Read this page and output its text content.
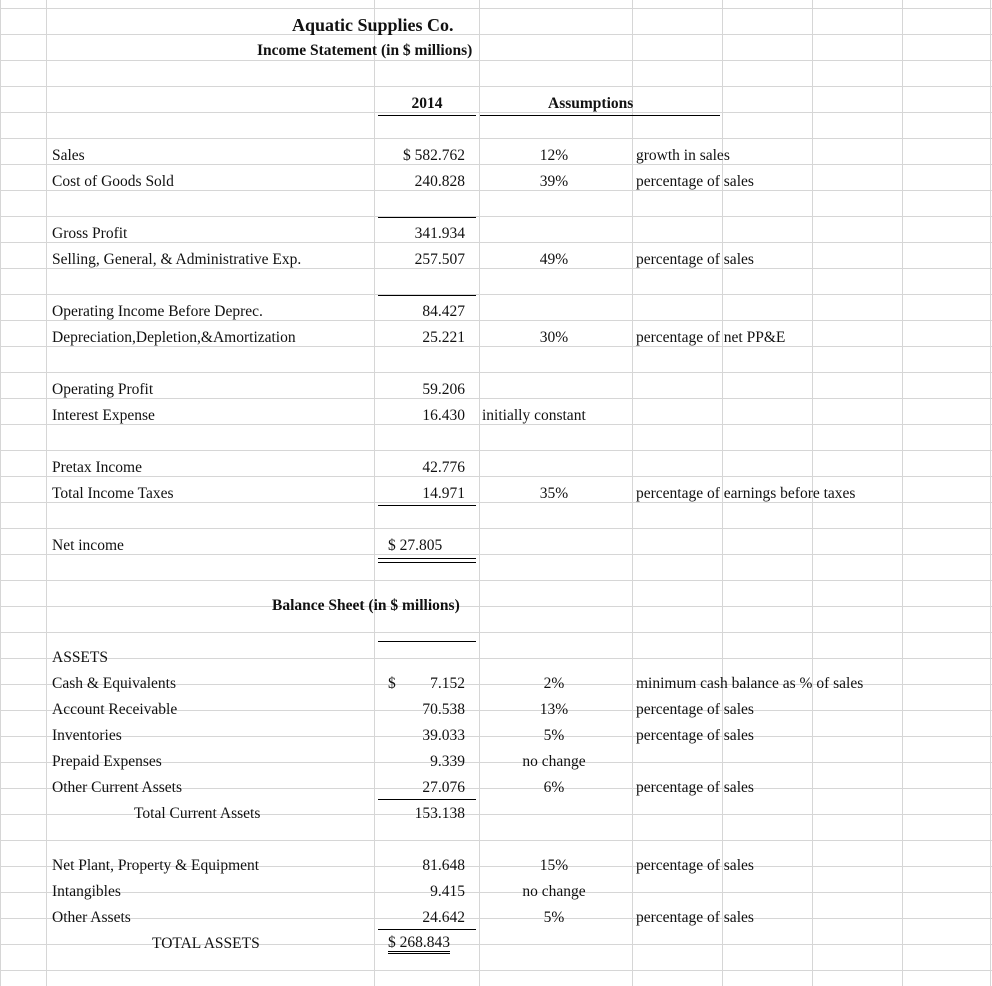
Aquatic Supplies Co.
Income Statement (in $ millions)
2014	Assumptions
Sales	$ 582.762	12%	growth in sales
Cost of Goods Sold	240.828	39%	percentage of sales
Gross Profit	341.934
Selling, General, & Administrative Exp.	257.507	49%	percentage of sales
Operating Income Before Deprec.	84.427
Depreciation,Depletion,&Amortization	25.221	30%	percentage of net PP&E
Operating Profit	59.206
Interest Expense	16.430 initially constant
Pretax Income	42.776
Total Income Taxes	14.971	35%	percentage of earnings before taxes
Net income	$ 27.805
Balance Sheet (in $ millions)
ASSETS
Cash & Equivalents	$	7.152	2%	minimum cash balance as % of sales
Account Receivable	70.538	13%	percentage of sales
Inventories	39.033	5%	percentage of sales
Prepaid Expenses	9.339	no change
Other Current Assets	27.076	6%	percentage of sales
Total Current Assets	153.138
Net Plant, Property & Equipment	81.648	15%	percentage of sales
Intangibles	9.415	no change
Other Assets	24.642	5%	percentage of sales
TOTAL ASSETS	$ 268.843
